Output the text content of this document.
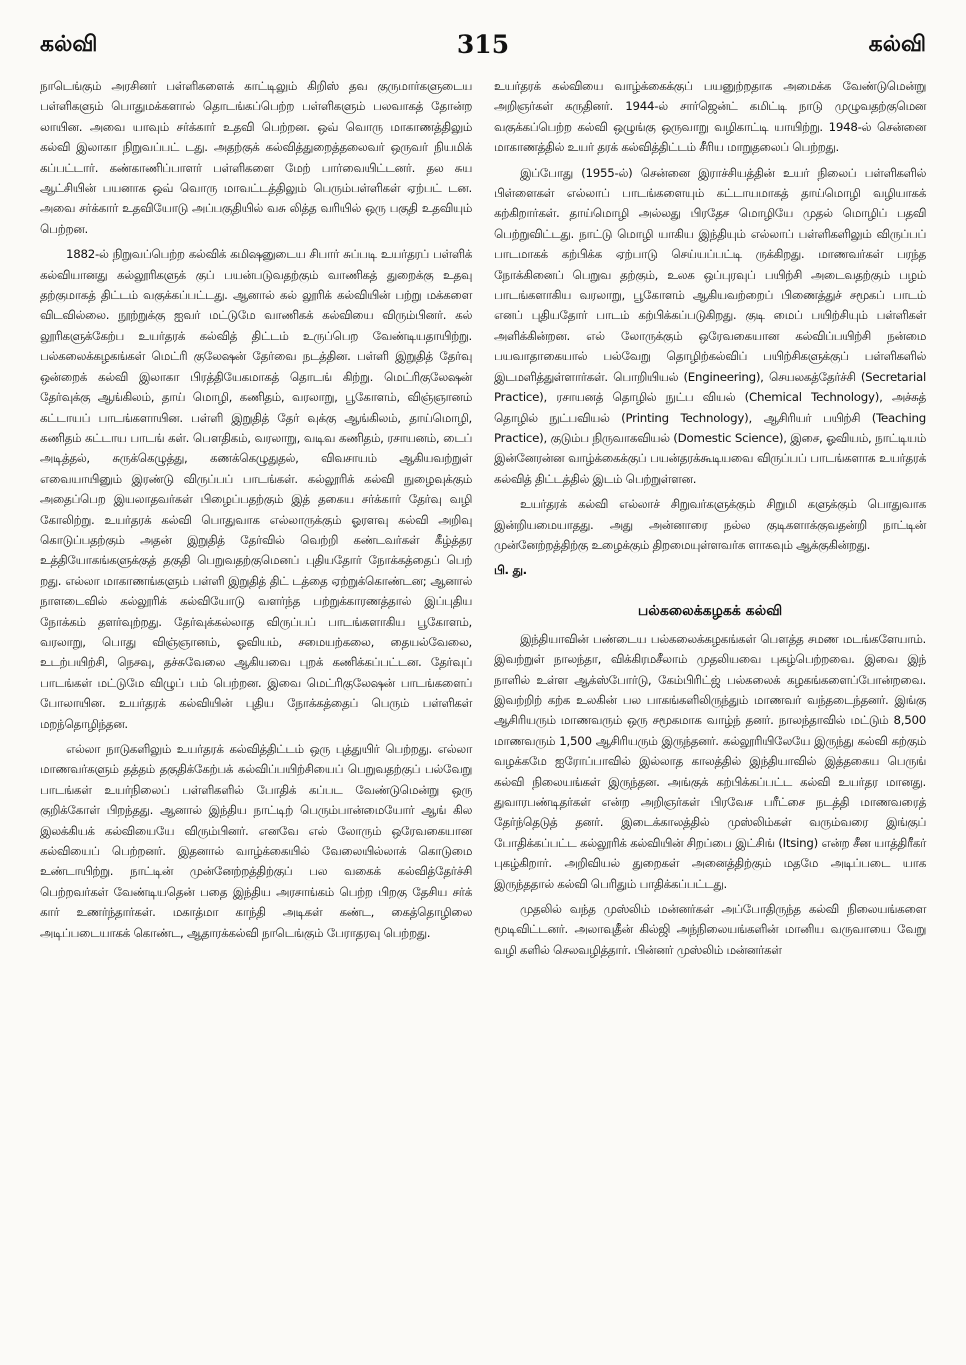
கல்வி	315	கல்வி

நாடெங்கும் அரசினர் பள்ளிகளைக் காட்டிலும் கிறிஸ் தவ குருமார்களுடைய பள்ளிகளும் பொதுமக்களால் தொடங்கப்பெற்ற பள்ளிகளும் பலவாகத் தோன்ற லாயின. அவை யாவும் சர்க்கார் உதவி பெற்றன. ஒவ் வொரு மாகாணத்திலும் கல்வி இலாகா நிறுவப்பட் டது. அதற்குக் கல்வித்துறைத்தலைவர் ஒருவர் நியமிக் கப்பட்டார். கண்காணிப்பாளர் பள்ளிகளை மேற் பார்வையிட்டனர். தல சுய ஆட்சியின் பயனாக ஒவ் வொரு மாவட்டத்திலும் பெரும்பள்ளிகள் ஏற்பட் டன. அவை சர்க்கார் உதவியோடு அப்பகுதியில் வசு லித்த வரியில் ஒரு பகுதி உதவியும் பெற்றன.

1882-ல் நிறுவப்பெற்ற கல்விக் கமிஷனுடைய சிபார் சுப்படி உயர்தரப் பள்ளிக் கல்வியானது கல்லூரிகளுக் குப் பயன்படுவதற்கும் வாணிகத் துறைக்கு உதவு தற்குமாகத் திட்டம் வகுக்கப்பட்டது. ஆனால் கல் லூரிக் கல்வியின் பற்று மக்களை விடவில்லை. நூற்றுக்கு ஐவர் மட்டுமே வாணிகக் கல்வியை விரும்பினர். கல் லூரிகளுக்கேற்ப உயர்தரக் கல்வித் திட்டம் உருப்பெற வேண்டியதாயிற்று. பல்கலைக்கழகங்கள் மெட்ரி குலேஷன் தேர்வை நடத்தின. பள்ளி இறுதித் தேர்வு ஒன்றைக் கல்வி இலாகா பிரத்தியேகமாகத் தொடங் கிற்று. மெட்ரிகுலேஷன் தேர்வுக்கு ஆங்கிலம், தாய் மொழி, கணிதம், வரலாறு, பூகோளம், விஞ்ஞானம் கட்டாயப் பாடங்களாயின. பள்ளி இறுதித் தேர் வுக்கு ஆங்கிலம், தாய்மொழி, கணிதம் கட்டாய பாடங் கள். பௌதிகம், வரலாறு, வடிவ கணிதம், ரசாயனம், டைப் அடித்தல், சுருக்கெழுத்து, கணக்கெழுதுதல், விவசாயம் ஆகியவற்றுள் எவையாயினும் இரண்டு விருப்பப் பாடங்கள். கல்லூரிக் கல்வி நுழைவுக்கும் அதைப்பெற இயலாதவர்கள் பிழைப்பதற்கும் இத் தகைய சர்க்கார் தேர்வு வழி கோலிற்று. உயர்தரக் கல்வி பொதுவாக எல்லாருக்கும் ஓரளவு கல்வி அறிவு கொடுப்பதற்கும் அதன் இறுதித் தேர்வில் வெற்றி கண்டவர்கள் கீழ்த்தர உத்தியோகங்களுக்குத் தகுதி பெறுவதற்குமெனப் புதியதோர் நோக்கத்தைப் பெற் றது. எல்லா மாகாணங்களும் பள்ளி இறுதித் திட் டத்தை ஏற்றுக்கொண்டன; ஆனால் நாளடைவில் கல்லூரிக் கல்வியோடு வளர்ந்த பற்றுக்காரணத்தால் இப்புதிய நோக்கம் தளர்வுற்றது. தேர்வுக்கல்லாத விருப்பப் பாடங்களாகிய பூகோளம், வரலாறு, பொது விஞ்ஞானம், ஓவியம், சமையற்கலை, தையல்வேலை, உடற்பயிற்சி, நெசவு, தச்சுவேலை ஆகியவை புறக் கணிக்கப்பட்டன. தேர்வுப் பாடங்கள் மட்டுமே விழுப் பம் பெற்றன. இவை மெட்ரிகுலேஷன் பாடங்களைப் போலாயின. உயர்தரக் கல்வியின் புதிய நோக்கத்தைப் பெரும் பள்ளிகள் மறந்தொழிந்தன.

எல்லா நாடுகளிலும் உயர்தரக் கல்வித்திட்டம் ஒரு புத்துயிர் பெற்றது. எல்லா மாணவர்களும் தத்தம் தகுதிக்கேற்பக் கல்விப்பயிற்சியைப் பெறுவதற்குப் பல்வேறு பாடங்கள் உயர்நிலைப் பள்ளிகளில் போதிக் கப்பட வேண்டுமென்று ஒரு குறிக்கோள் பிறந்தது. ஆனால் இந்திய நாட்டிற் பெரும்பான்மையோர் ஆங் கில இலக்கியக் கல்வியையே விரும்பினர். எனவே எல் லோரும் ஒரேவகையான கல்வியைப் பெற்றனர். இதனால் வாழ்க்கையில் வேலையில்லாக் கொடுமை உண்டாயிற்று. நாட்டின் முன்னேற்றத்திற்குப் பல வகைக் கல்வித்தேர்ச்சி பெற்றவர்கள் வேண்டியதென் பதை இந்திய அரசாங்கம் பெற்ற பிறகு தேசிய சர்க் கார் உணர்ந்தார்கள். மகாத்மா காந்தி அடிகள் கண்ட, கைத்தொழிலை அடிப்படையாகக் கொண்ட, ஆதாரக்கல்வி நாடெங்கும் பேராதரவு பெற்றது.

உயர்தரக் கல்வியை வாழ்க்கைக்குப் பயனுற்றதாக அமைக்க வேண்டுமென்று அறிஞர்கள் கருதினர். 1944-ல் சார்ஜென்ட் கமிட்டி நாடு முழுவதற்குமென வகுக்கப்பெற்ற கல்வி ஒழுங்கு ஒருவாறு வழிகாட்டி யாயிற்று. 1948-ல் சென்னை மாகாணத்தில் உயர் தரக் கல்வித்திட்டம் சீரிய மாறுதலைப் பெற்றது.

இப்போது (1955-ல்) சென்னை இராச்சியத்தின் உயர் நிலைப் பள்ளிகளில் பிள்ளைகள் எல்லாப் பாடங்களையும் கட்டாயமாகத் தாய்மொழி வழியாகக் கற்கிறார்கள். தாய்மொழி அல்லது பிரதேச மொழியே முதல் மொழிப் பதவி பெற்றுவிட்டது. நாட்டு மொழி யாகிய இந்தியும் எல்லாப் பள்ளிகளிலும் விருப்பப் பாடமாகக் கற்பிக்க ஏற்பாடு செய்யப்பட்டி ருக்கிறது. மாணவர்கள் பரந்த நோக்கினைப் பெறுவ தற்கும், உலக ஒப்புரவுப் பயிற்சி அடைவதற்கும் பழம் பாடங்களாகிய வரலாறு, பூகோளம் ஆகியவற்றைப் பிணைத்துச் சமூகப் பாடம் எனப் புதியதோர் பாடம் கற்பிக்கப்படுகிறது. குடி மைப் பயிற்சியும் பள்ளிகள் அளிக்கின்றன. எல் லோருக்கும் ஒரேவகையான கல்விப்பயிற்சி நன்மை பயவாதாகையால் பல்வேறு தொழிற்கல்விப் பயிற்சிகளுக்குப் பள்ளிகளில் இடமளித்துள்ளார்கள். பொறியியல் (Engineering), செயலகத்தேர்ச்சி (Secretarial Practice), ரசாயனத் தொழில் நுட்ப வியல் (Chemical Technology), அச்சுத் தொழில் நுட்பவியல் (Printing Technology), ஆசிரியர் பயிற்சி (Teaching Practice), குடும்ப நிருவாகவியல் (Domestic Science), இசை, ஓவியம், நாட்டியம் இன்னேரன்ன வாழ்க்கைக்குப் பயன்தரக்கூடியவை விருப்பப் பாடங்களாக உயர்தரக் கல்வித் திட்டத்தில் இடம் பெற்றுள்ளன.

உயர்தரக் கல்வி எல்லாச் சிறுவர்களுக்கும் சிறுமி களுக்கும் பொதுவாக இன்றியமையாதது. அது அன்னாரை நல்ல குடிகளாக்குவதன்றி நாட்டின் முன்னேற்றத்திற்கு உழைக்கும் திறமையுள்ளவர்க ளாகவும் ஆக்குகின்றது.

பி. து.

பல்கலைக்கழகக் கல்வி

இந்தியாவின் பண்டைய பல்கலைக்கழகங்கள் பௌத்த சமண மடங்களேயாம். இவற்றுள் நாலந்தா, விக்கிரமசீலாம் முதலியவை புகழ்பெற்றவை. இவை இந் நாளில் உள்ள ஆக்ஸ்போர்டு, கேம்பிரிட்ஜ் பல்கலைக் கழகங்களைப்போன்றவை. இவற்றிற் கற்க உலகின் பல பாகங்களிலிருந்தும் மாணவர் வந்தடைந்தனர். இங்கு ஆசிரியரும் மாணவரும் ஒரு சமூகமாக வாழ்ந் தனர். நாலந்தாவில் மட்டும் 8,500 மாணவரும் 1,500 ஆசிரியரும் இருந்தனர். கல்லூரியிலேயே இருந்து கல்வி கற்கும் வழக்கமே ஐரோப்பாவில் இல்லாத காலத்தில் இந்தியாவில் இத்தகைய பெருங் கல்வி நிலையங்கள் இருந்தன. அங்குக் கற்பிக்கப்பட்ட கல்வி உயர்தர மானது. துவாரபண்டிதர்கள் என்ற அறிஞர்கள் பிரவேச பரீட்சை நடத்தி மாணவரைத் தேர்ந்தெடுத் தனர். இடைக்காலத்தில் முஸ்லிம்கள் வரும்வரை இங்குப் போதிக்கப்பட்ட கல்லூரிக் கல்வியின் சிறப்பை இட்சிங் (Itsing) என்ற சீன யாத்திரீகர் புகழ்கிறார். அறிவியல் துறைகள் அனைத்திற்கும் மதமே அடிப்படை யாக இருந்ததால் கல்வி பெரிதும் பாதிக்கப்பட்டது.

முதலில் வந்த முஸ்லிம் மன்னர்கள் அப்போதிருந்த கல்வி நிலையங்களை மூடிவிட்டனர். அலாவுதீன் கில்ஜி அந்நிலையங்களின் மானிய வருவாயை வேறு வழி களில் செலவழித்தார். பின்னர் முஸ்லிம் மன்னர்கள்
